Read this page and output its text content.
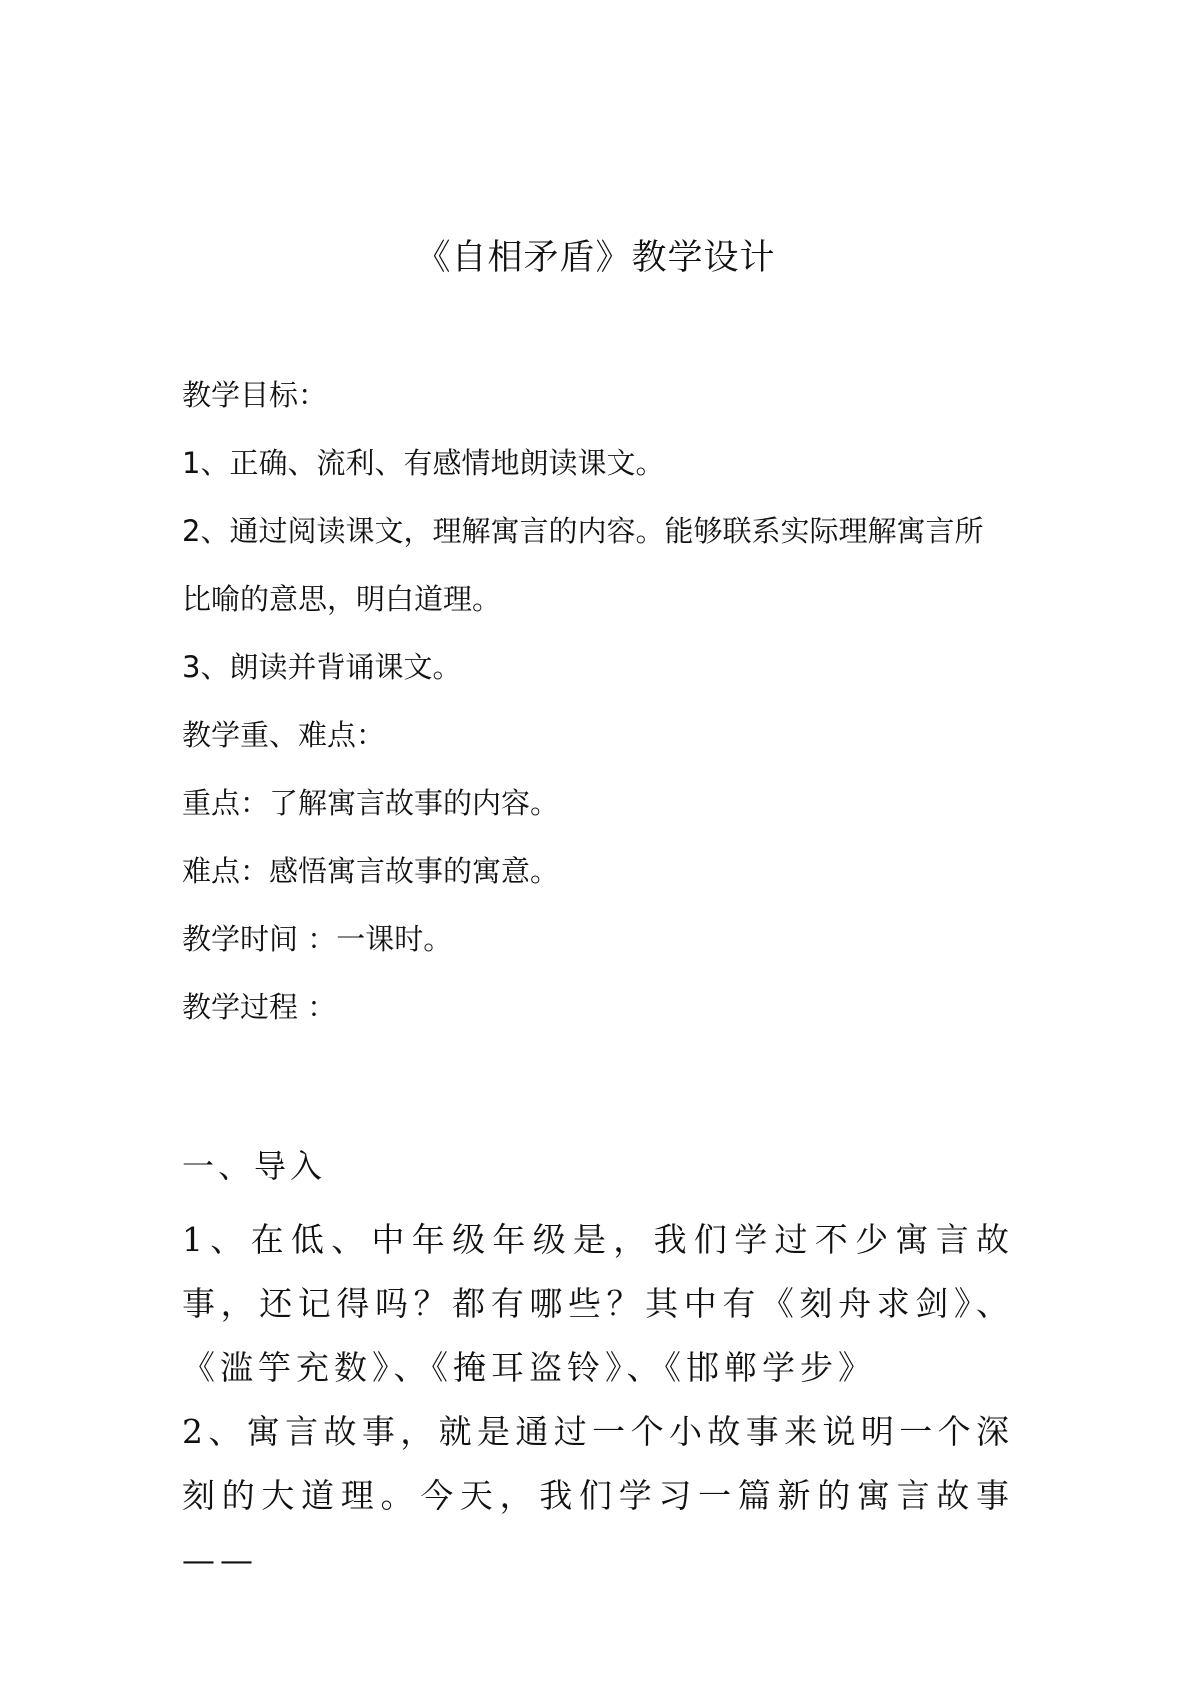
《自相矛盾》教学设计
教学目标：
1、正确、流利、有感情地朗读课文。
2、通过阅读课文，理解寓言的内容。能够联系实际理解寓言所比喻的意思，明白道理。
3、朗读并背诵课文。
教学重、难点：
重点：了解寓言故事的内容。
难点：感悟寓言故事的寓意。
教学时间 ：一课时。
教学过程 ：
一、导入
1、在低、中年级年级是，我们学过不少寓言故事，还记得吗？都有哪些？其中有《刻舟求剑》、《滥竽充数》、《掩耳盗铃》、《邯郸学步》
2、寓言故事，就是通过一个小故事来说明一个深刻的大道理。今天，我们学习一篇新的寓言故事——
